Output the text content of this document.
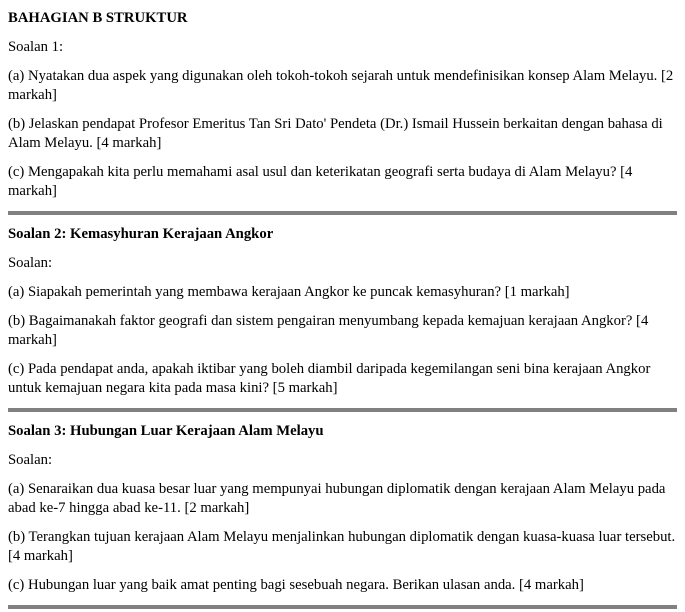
BAHAGIAN B STRUKTUR

Soalan 1:

(a) Nyatakan dua aspek yang digunakan oleh tokoh-tokoh sejarah untuk mendefinisikan konsep Alam Melayu. [2 markah]

(b) Jelaskan pendapat Profesor Emeritus Tan Sri Dato' Pendeta (Dr.) Ismail Hussein berkaitan dengan bahasa di Alam Melayu. [4 markah]

(c) Mengapakah kita perlu memahami asal usul dan keterikatan geografi serta budaya di Alam Melayu? [4 markah]

Soalan 2: Kemasyhuran Kerajaan Angkor

Soalan:

(a) Siapakah pemerintah yang membawa kerajaan Angkor ke puncak kemasyhuran? [1 markah]

(b) Bagaimanakah faktor geografi dan sistem pengairan menyumbang kepada kemajuan kerajaan Angkor? [4 markah]

(c) Pada pendapat anda, apakah iktibar yang boleh diambil daripada kegemilangan seni bina kerajaan Angkor untuk kemajuan negara kita pada masa kini? [5 markah]

Soalan 3: Hubungan Luar Kerajaan Alam Melayu

Soalan:

(a) Senaraikan dua kuasa besar luar yang mempunyai hubungan diplomatik dengan kerajaan Alam Melayu pada abad ke-7 hingga abad ke-11. [2 markah]

(b) Terangkan tujuan kerajaan Alam Melayu menjalinkan hubungan diplomatik dengan kuasa-kuasa luar tersebut. [4 markah]

(c) Hubungan luar yang baik amat penting bagi sesebuah negara. Berikan ulasan anda. [4 markah]
